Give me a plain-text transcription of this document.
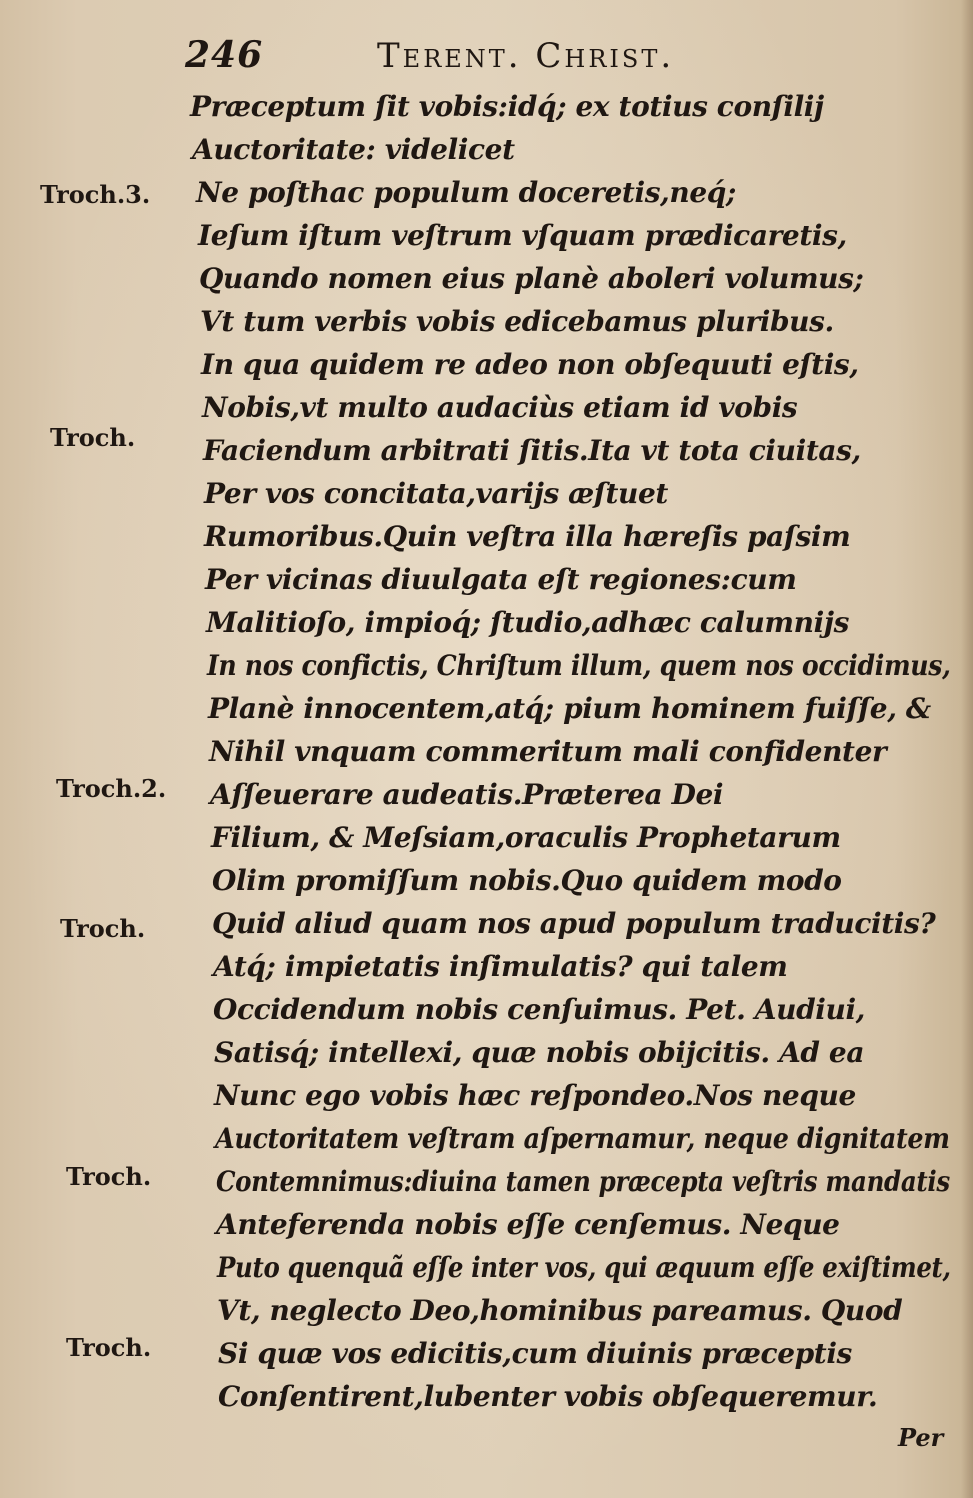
246	Terent. Christ.
Præceptum ſit vobis:idq́; ex totius conſilij
Auctoritate: videlicet
Ne poſthac populum doceretis,neq́;
Ieſum iſtum veſtrum vſquam prædicaretis,
Quando nomen eius planè aboleri volumus;
Vt tum verbis vobis edicebamus pluribus.
In qua quidem re adeo non obſequuti eſtis,
Nobis,vt multo audaciùs etiam id vobis
Faciendum arbitrati ſitis.Ita vt tota ciuitas,
Per vos concitata,varijs æſtuet
Rumoribus.Quin veſtra illa hæreſis paſsim
Per vicinas diuulgata eſt regiones:cum
Malitioſo, impioq́; ſtudio,adhæc calumnijs
In nos confictis, Chriſtum illum, quem nos occidimus,
Planè innocentem,atq́; pium hominem fuiſſe, &
Nihil vnquam commeritum mali confidenter
Aſſeuerare audeatis.Præterea Dei
Filium, & Meſsiam,oraculis Prophetarum
Olim promiſſum nobis.Quo quidem modo
Quid aliud quam nos apud populum traducitis?
Atq́; impietatis inſimulatis? qui talem
Occidendum nobis cenſuimus. Pet. Audiui,
Satisq́; intellexi, quæ nobis obijcitis. Ad ea
Nunc ego vobis hæc reſpondeo.Nos neque
Auctoritatem veſtram aſpernamur, neque dignitatem
Contemnimus:diuina tamen præcepta veſtris mandatis
Anteferenda nobis eſſe cenſemus. Neque
Puto quenquã eſſe inter vos, qui æquum eſſe exiſtimet,
Vt, neglecto Deo,hominibus pareamus. Quod
Si quæ vos edicitis,cum diuinis præceptis
Conſentirent,lubenter vobis obſequeremur.
Troch.3.
Troch.
Troch.2.
Troch.
Troch.
Troch.
Per
